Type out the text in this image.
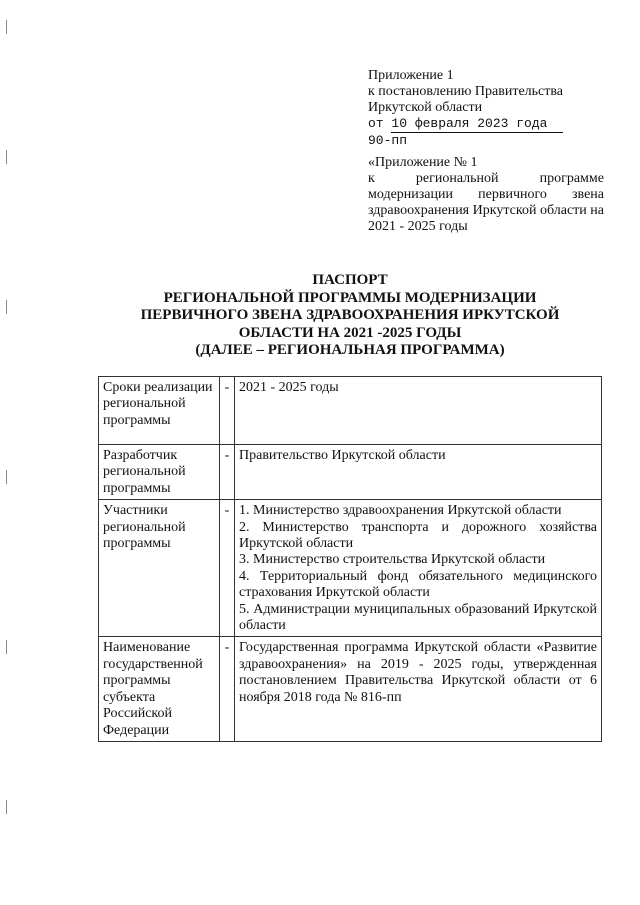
Приложение 1
к постановлению Правительства
Иркутской области
от 10 февраля 2023 года
90-пп
«Приложение № 1
к региональной программе модернизации первичного звена здравоохранения Иркутской области на 2021 - 2025 годы
ПАСПОРТ
РЕГИОНАЛЬНОЙ ПРОГРАММЫ МОДЕРНИЗАЦИИ
ПЕРВИЧНОГО ЗВЕНА ЗДРАВООХРАНЕНИЯ ИРКУТСКОЙ
ОБЛАСТИ НА 2021 -2025 ГОДЫ
(ДАЛЕЕ – РЕГИОНАЛЬНАЯ ПРОГРАММА)
Сроки реализации региональной программы	-	2021 - 2025 годы
Разработчик региональной программы	-	Правительство Иркутской области
Участники региональной программы	-	1. Министерство здравоохранения Иркутской области
2. Министерство транспорта и дорожного хозяйства Иркутской области
3. Министерство строительства Иркутской области
4. Территориальный фонд обязательного медицинского страхования Иркутской области
5. Администрации муниципальных образований Иркутской области

Наименование государственной программы субъекта Российской Федерации	-	Государственная программа Иркутской области «Развитие здравоохранения» на 2019 - 2025 годы, утвержденная постановлением Правительства Иркутской области от 6 ноября 2018 года № 816-пп
